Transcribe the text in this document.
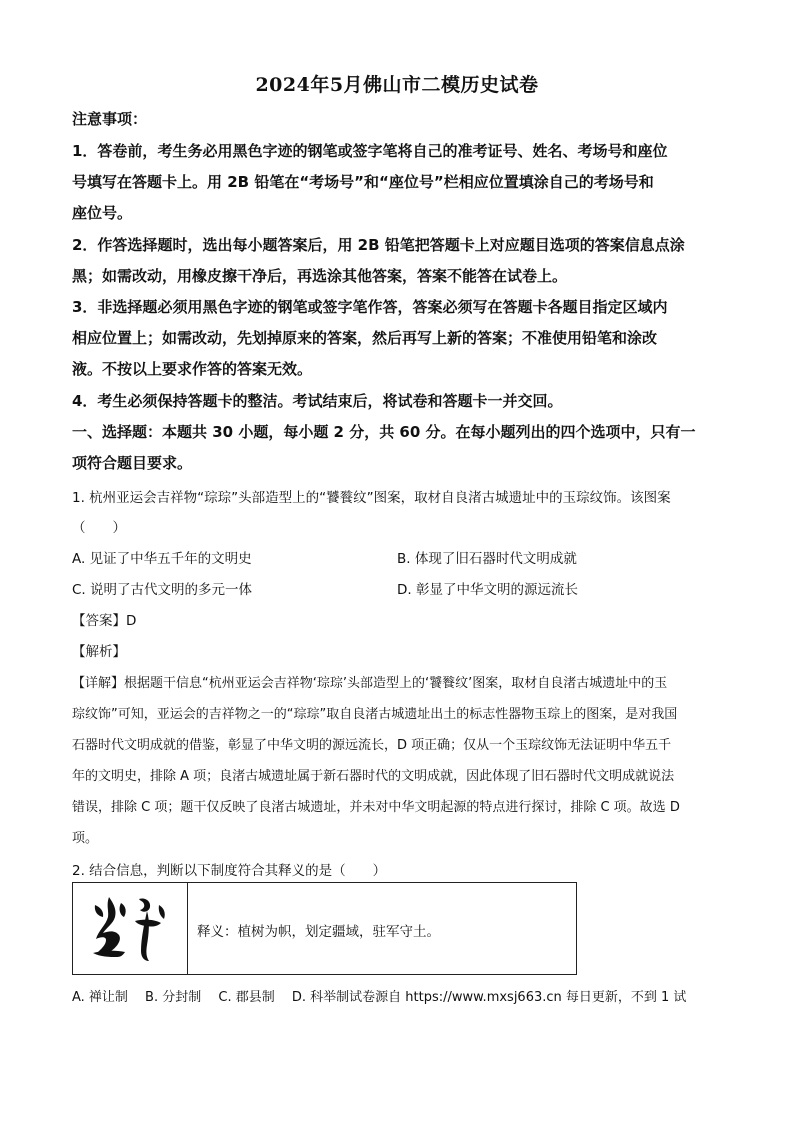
2024年5月佛山市二模历史试卷
注意事项：
1．答卷前，考生务必用黑色字迹的钢笔或签字笔将自己的准考证号、姓名、考场号和座位
号填写在答题卡上。用 2B 铅笔在“考场号”和“座位号”栏相应位置填涂自己的考场号和
座位号。
2．作答选择题时，选出每小题答案后，用 2B 铅笔把答题卡上对应题目选项的答案信息点涂
黑；如需改动，用橡皮擦干净后，再选涂其他答案，答案不能答在试卷上。
3．非选择题必须用黑色字迹的钢笔或签字笔作答，答案必须写在答题卡各题目指定区域内
相应位置上；如需改动，先划掉原来的答案，然后再写上新的答案；不准使用铅笔和涂改
液。不按以上要求作答的答案无效。
4．考生必须保持答题卡的整洁。考试结束后，将试卷和答题卡一并交回。
一、选择题：本题共 30 小题，每小题 2 分，共 60 分。在每小题列出的四个选项中，只有一
项符合题目要求。
1. 杭州亚运会吉祥物“琮琮”头部造型上的“饕餮纹”图案，取材自良渚古城遗址中的玉琮纹饰。该图案
（　　）
A. 见证了中华五千年的文明史	B. 体现了旧石器时代文明成就
C. 说明了古代文明的多元一体	D. 彰显了中华文明的源远流长
【答案】D
【解析】
【详解】根据题干信息“杭州亚运会吉祥物‘琮琮’头部造型上的‘饕餮纹’图案，取材自良渚古城遗址中的玉
琮纹饰”可知，亚运会的吉祥物之一的“琮琮”取自良渚古城遗址出土的标志性器物玉琮上的图案，是对我国
石器时代文明成就的借鉴，彰显了中华文明的源远流长，D 项正确；仅从一个玉琮纹饰无法证明中华五千
年的文明史，排除 A 项；良渚古城遗址属于新石器时代的文明成就，因此体现了旧石器时代文明成就说法
错误，排除 C 项；题干仅反映了良渚古城遗址，并未对中华文明起源的特点进行探讨，排除 C 项。故选 D
项。
2. 结合信息，判断以下制度符合其释义的是（　　）
释义：植树为帜，划定疆域，驻军守土。
A. 禅让制　 B. 分封制　 C. 郡县制　 D. 科举制试卷源自 https://www.mxsj663.cn 每日更新，不到 1 试
